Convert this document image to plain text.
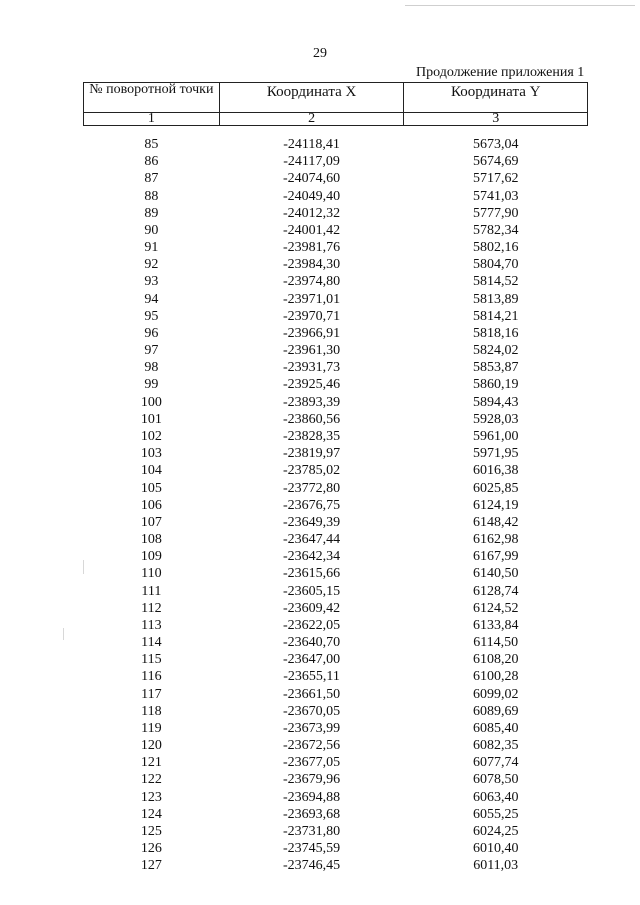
29
Продолжение приложения 1
№ поворотной точки	Координата X	Координата Y
1	2	3

85	-24118,41	5673,04
86	-24117,09	5674,69
87	-24074,60	5717,62
88	-24049,40	5741,03
89	-24012,32	5777,90
90	-24001,42	5782,34
91	-23981,76	5802,16
92	-23984,30	5804,70
93	-23974,80	5814,52
94	-23971,01	5813,89
95	-23970,71	5814,21
96	-23966,91	5818,16
97	-23961,30	5824,02
98	-23931,73	5853,87
99	-23925,46	5860,19
100	-23893,39	5894,43
101	-23860,56	5928,03
102	-23828,35	5961,00
103	-23819,97	5971,95
104	-23785,02	6016,38
105	-23772,80	6025,85
106	-23676,75	6124,19
107	-23649,39	6148,42
108	-23647,44	6162,98
109	-23642,34	6167,99
110	-23615,66	6140,50
111	-23605,15	6128,74
112	-23609,42	6124,52
113	-23622,05	6133,84
114	-23640,70	6114,50
115	-23647,00	6108,20
116	-23655,11	6100,28
117	-23661,50	6099,02
118	-23670,05	6089,69
119	-23673,99	6085,40
120	-23672,56	6082,35
121	-23677,05	6077,74
122	-23679,96	6078,50
123	-23694,88	6063,40
124	-23693,68	6055,25
125	-23731,80	6024,25
126	-23745,59	6010,40
127	-23746,45	6011,03
